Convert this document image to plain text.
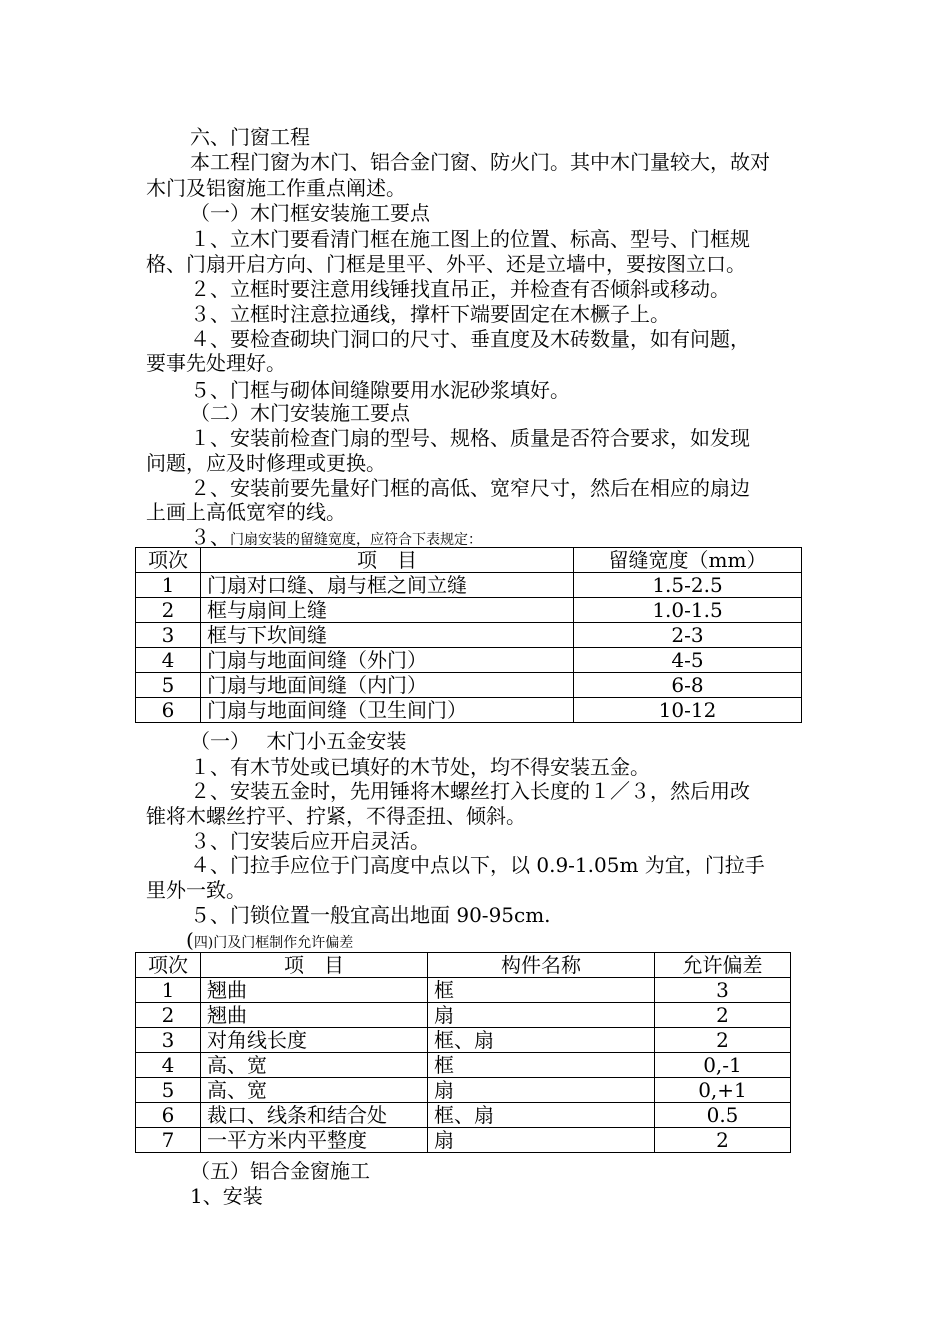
六、门窗工程
本工程门窗为木门、铝合金门窗、防火门。其中木门量较大，故对
木门及铝窗施工作重点阐述。
（一）木门框安装施工要点
１、立木门要看清门框在施工图上的位置、标高、型号、门框规
格、门扇开启方向、门框是里平、外平、还是立墙中，要按图立口。
２、立框时要注意用线锤找直吊正，并检查有否倾斜或移动。
３、立框时注意拉通线，撑杆下端要固定在木橛子上。
４、要检查砌块门洞口的尺寸、垂直度及木砖数量，如有问题，
要事先处理好。
５、门框与砌体间缝隙要用水泥砂浆填好。
（二）木门安装施工要点
１、安装前检查门扇的型号、规格、质量是否符合要求，如发现
问题，应及时修理或更换。
２、安装前要先量好门框的高低、宽窄尺寸，然后在相应的扇边
上画上高低宽窄的线。
３、门扇安装的留缝宽度，应符合下表规定：
项次	项　目	留缝宽度（mm）
1	门扇对口缝、扇与框之间立缝	1.5-2.5
2	框与扇间上缝	1.0-1.5
3	框与下坎间缝	2-3
4	门扇与地面间缝（外门）	4-5
5	门扇与地面间缝（内门）	6-8
6	门扇与地面间缝（卫生间门）	10-12
（一）　 木门小五金安装
１、有木节处或已填好的木节处，均不得安装五金。
２、安装五金时，先用锤将木螺丝打入长度的１／３，然后用改
锥将木螺丝拧平、拧紧，不得歪扭、倾斜。
３、门安装后应开启灵活。
４、门拉手应位于门高度中点以下，以 0.9-1.05m 为宜，门拉手
里外一致。
５、门锁位置一般宜高出地面 90-95cm.
(四)门及门框制作允许偏差
项次	项　目	构件名称	允许偏差
1	翘曲	框	3
2	翘曲	扇	2
3	对角线长度	框、扇	2
4	高、宽	框	0,-1
5	高、宽	扇	0,+1
6	裁口、线条和结合处	框、扇	0.5
7	一平方米内平整度	扇	2
（五）铝合金窗施工
1、安装
